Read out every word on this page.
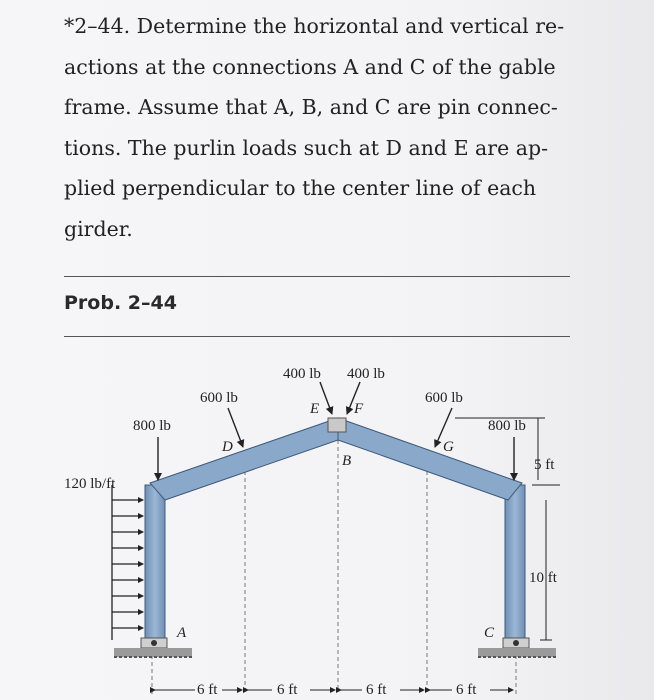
*2–44. Determine the horizontal and vertical re-

actions at the connections A and C of the gable

frame. Assume that A, B, and C are pin connec-

tions. The purlin loads such at D and E are ap-

plied perpendicular to the center line of each

girder.

Prob. 2–44
400 lb 400 lb
600 lb	600 lb
800 lb	800 lb
120 lb/ft
5 ft
10 ft
D
E F
B
G
A	C
6 ft	6 ft	6 ft	6 ft
